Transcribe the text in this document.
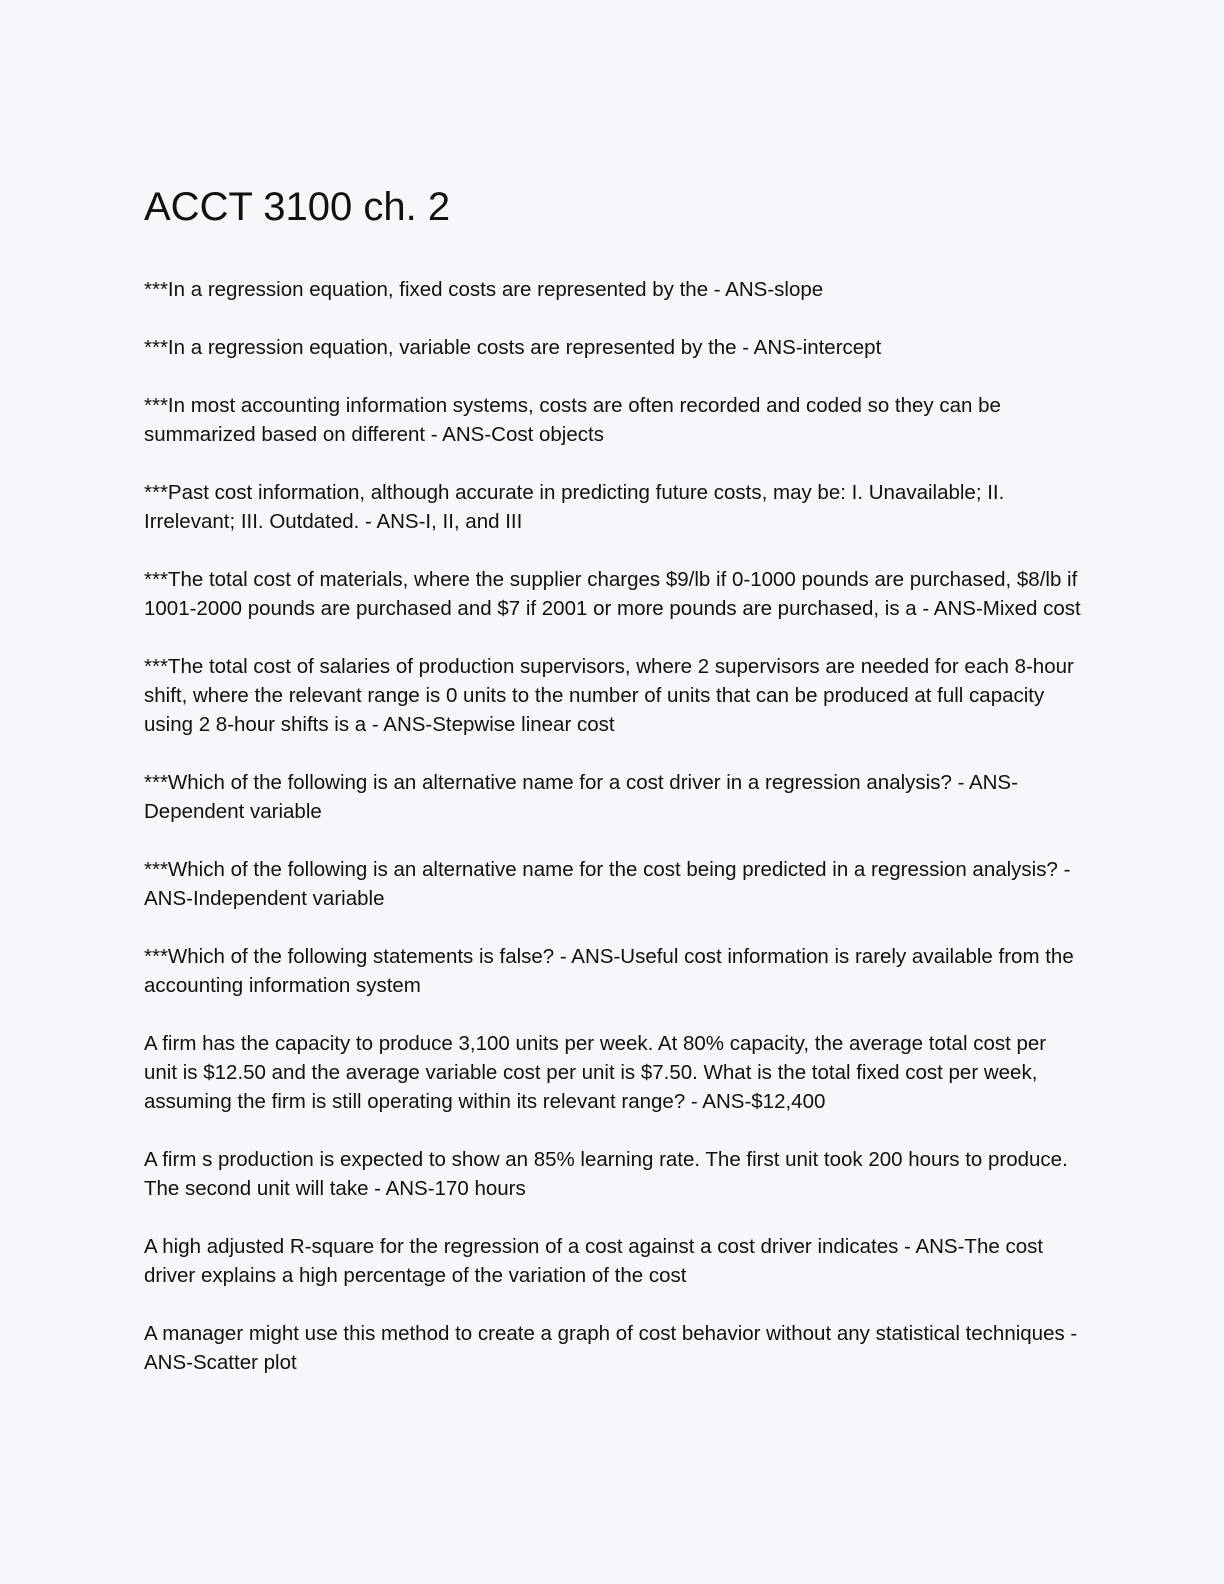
ACCT 3100 ch. 2

***In a regression equation, fixed costs are represented by the - ANS-slope

***In a regression equation, variable costs are represented by the - ANS-intercept

***In most accounting information systems, costs are often recorded and coded so they can be summarized based on different - ANS-Cost objects

***Past cost information, although accurate in predicting future costs, may be: I. Unavailable; II. Irrelevant; III. Outdated. - ANS-I, II, and III

***The total cost of materials, where the supplier charges $9/lb if 0-1000 pounds are purchased, $8/lb if 1001-2000 pounds are purchased and $7 if 2001 or more pounds are purchased, is a - ANS-Mixed cost

***The total cost of salaries of production supervisors, where 2 supervisors are needed for each 8-hour shift, where the relevant range is 0 units to the number of units that can be produced at full capacity using 2 8-hour shifts is a - ANS-Stepwise linear cost

***Which of the following is an alternative name for a cost driver in a regression analysis? - ANS-Dependent variable

***Which of the following is an alternative name for the cost being predicted in a regression analysis? - ANS-Independent variable

***Which of the following statements is false? - ANS-Useful cost information is rarely available from the accounting information system

A firm has the capacity to produce 3,100 units per week. At 80% capacity, the average total cost per unit is $12.50 and the average variable cost per unit is $7.50. What is the total fixed cost per week, assuming the firm is still operating within its relevant range? - ANS-$12,400

A firm s production is expected to show an 85% learning rate. The first unit took 200 hours to produce. The second unit will take - ANS-170 hours

A high adjusted R-square for the regression of a cost against a cost driver indicates - ANS-The cost driver explains a high percentage of the variation of the cost

A manager might use this method to create a graph of cost behavior without any statistical techniques - ANS-Scatter plot
